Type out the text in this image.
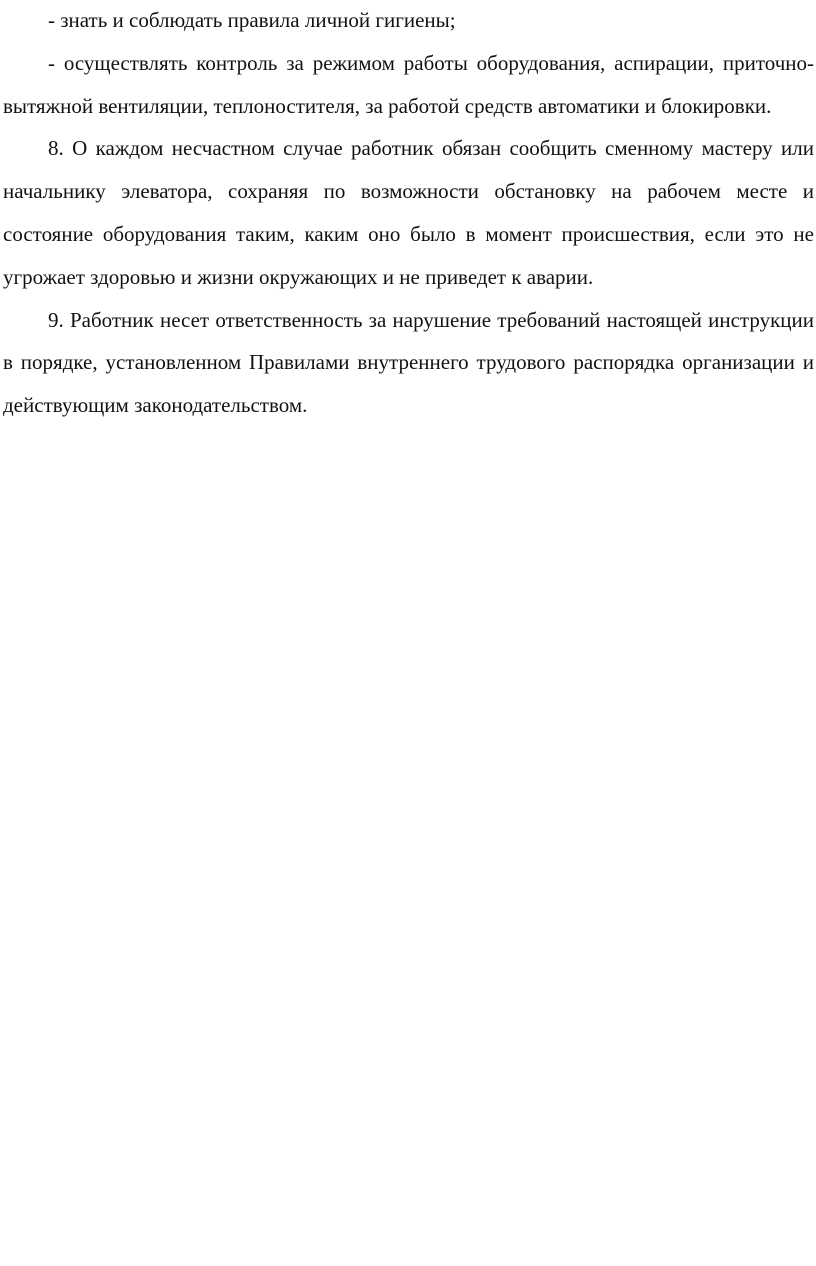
- знать и соблюдать правила личной гигиены;

- осуществлять контроль за режимом работы оборудования, аспирации, приточно-вытяжной вентиляции, теплоностителя, за работой средств автоматики и блокировки.

8. О каждом несчастном случае работник обязан сообщить сменному мастеру или начальнику элеватора, сохраняя по возможности обстановку на рабочем месте и состояние оборудования таким, каким оно было в момент происшествия, если это не угрожает здоровью и жизни окружающих и не приведет к аварии.

9. Работник несет ответственность за нарушение требований настоящей инструкции в порядке, установленном Правилами внутреннего трудового распорядка организации и действующим законодательством.
